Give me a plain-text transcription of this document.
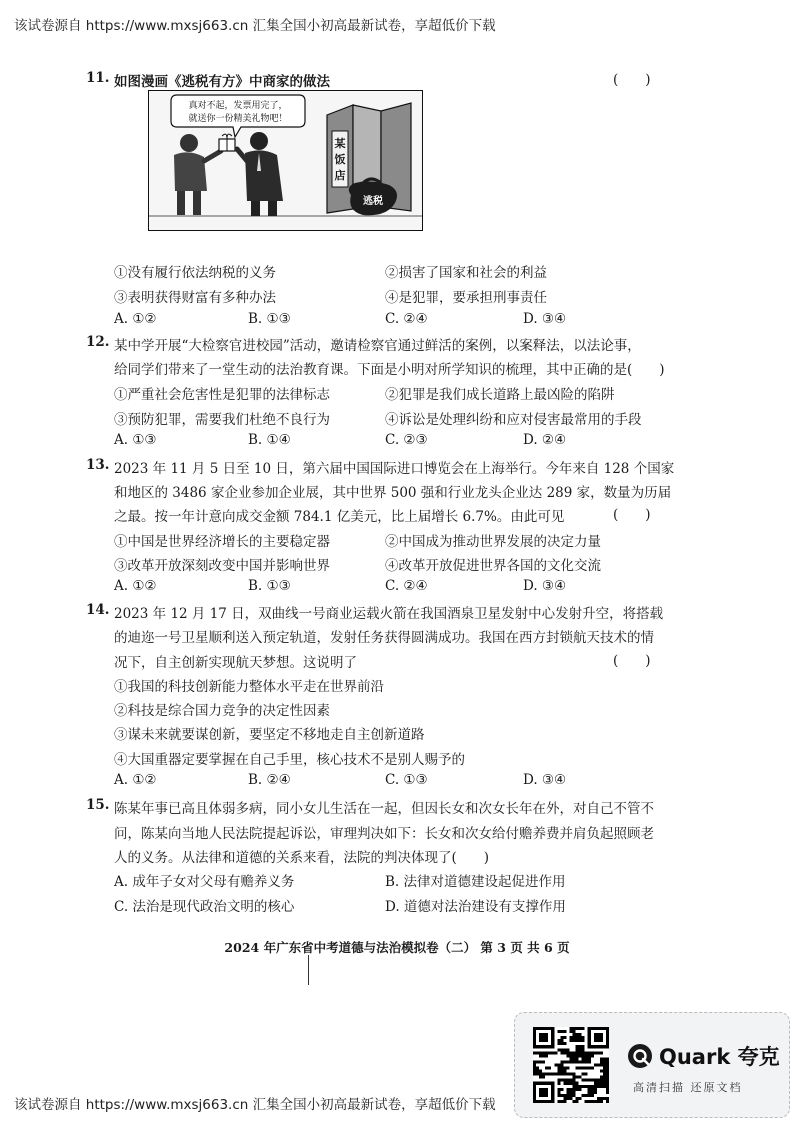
该试卷源自 https://www.mxsj663.cn 汇集全国小初高最新试卷，享超低价下载
11. 如图漫画《逃税有方》中商家的做法	(　　)
真对不起，发票用完了，
就送你一份精美礼物吧！
某
饭
店
逃税
①没有履行依法纳税的义务	②损害了国家和社会的利益
③表明获得财富有多种办法	④是犯罪，要承担刑事责任
A. ①②	B. ①③	C. ②④	D. ③④
12. 某中学开展“大检察官进校园”活动，邀请检察官通过鲜活的案例，以案释法，以法论事，
给同学们带来了一堂生动的法治教育课。下面是小明对所学知识的梳理，其中正确的是(　　)
①严重社会危害性是犯罪的法律标志	②犯罪是我们成长道路上最凶险的陷阱
③预防犯罪，需要我们杜绝不良行为	④诉讼是处理纠纷和应对侵害最常用的手段
A. ①③	B. ①④	C. ②③	D. ②④
13. 2023 年 11 月 5 日至 10 日，第六届中国国际进口博览会在上海举行。今年来自 128 个国家
和地区的 3486 家企业参加企业展，其中世界 500 强和行业龙头企业达 289 家，数量为历届
之最。按一年计意向成交金额 784.1 亿美元，比上届增长 6.7%。由此可见	(　　)
①中国是世界经济增长的主要稳定器	②中国成为推动世界发展的决定力量
③改革开放深刻改变中国并影响世界	④改革开放促进世界各国的文化交流
A. ①②	B. ①③	C. ②④	D. ③④
14. 2023 年 12 月 17 日，双曲线一号商业运载火箭在我国酒泉卫星发射中心发射升空，将搭载
的迪迩一号卫星顺利送入预定轨道，发射任务获得圆满成功。我国在西方封锁航天技术的情
况下，自主创新实现航天梦想。这说明了	(　　)
①我国的科技创新能力整体水平走在世界前沿
②科技是综合国力竞争的决定性因素
③谋未来就要谋创新，要坚定不移地走自主创新道路
④大国重器定要掌握在自己手里，核心技术不是别人赐予的
A. ①②	B. ②④	C. ①③	D. ③④
15. 陈某年事已高且体弱多病，同小女儿生活在一起，但因长女和次女长年在外，对自己不管不
问，陈某向当地人民法院提起诉讼，审理判决如下：长女和次女给付赡养费并肩负起照顾老
人的义务。从法律和道德的关系来看，法院的判决体现了(　　)
A. 成年子女对父母有赡养义务	B. 法律对道德建设起促进作用
C. 法治是现代政治文明的核心	D. 道德对法治建设有支撑作用
2024 年广东省中考道德与法治模拟卷（二） 第 3 页 共 6 页
Quark 夸克
高清扫描 还原文档
该试卷源自 https://www.mxsj663.cn 汇集全国小初高最新试卷，享超低价下载
